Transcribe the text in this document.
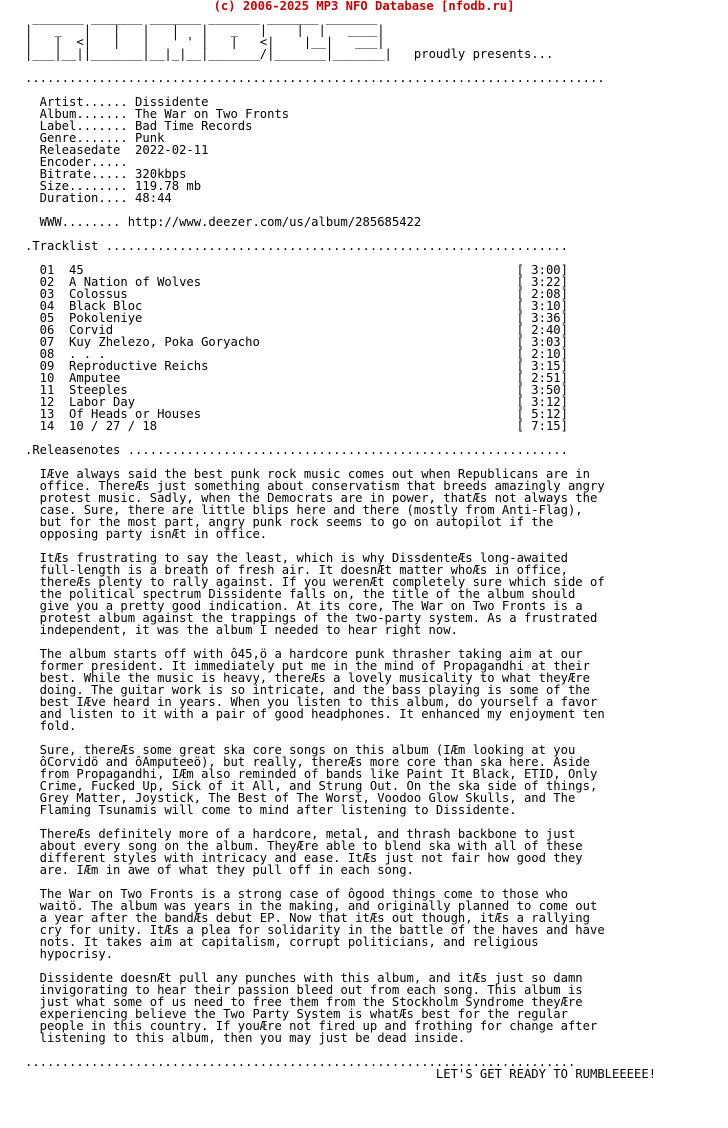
(c) 2006-2025 MP3 NFO Database [nfodb.ru]
_______ _______ _______ _______ _______ _______
|   _   |   |   |   |   |   _   |    |  |   ____|
|   |  <|   |   |   ' ' |   |   <|    |__|   ___|
|___|__||_______|__|_|__|_______/|_______|_______| proudly presents...

...............................................................................

Artist...... Dissidente
Album....... The War on Two Fronts
Label....... Bad Time Records
Genre....... Punk
Releasedate  2022-02-11
Encoder.....
Bitrate..... 320kbps
Size........ 119.78 mb
Duration.... 48:44

WWW........ http://www.deezer.com/us/album/285685422

.Tracklist ...............................................................

01  45                                                           [ 3:00]
02  A Nation of Wolves                                           [ 3:22]
03  Colossus                                                     [ 2:08]
04  Black Bloc                                                   [ 3:10]
05  Pokoleniye                                                   [ 3:36]
06  Corvid                                                       [ 2:40]
07  Kuy Zhelezo, Poka Goryacho                                   [ 3:03]
08  . . .                                                        [ 2:10]
09  Reproductive Reichs                                          [ 3:15]
10  Amputee                                                      [ 2:51]
11  Steeples                                                     [ 3:50]
12  Labor Day                                                    [ 3:12]
13  Of Heads or Houses                                           [ 5:12]
14  10 / 27 / 18                                                 [ 7:15]

.Releasenotes ............................................................

IÆve always said the best punk rock music comes out when Republicans are in
office. ThereÆs just something about conservatism that breeds amazingly angry
protest music. Sadly, when the Democrats are in power, thatÆs not always the
case. Sure, there are little blips here and there (mostly from Anti-Flag),
but for the most part, angry punk rock seems to go on autopilot if the
opposing party isnÆt in office.

ItÆs frustrating to say the least, which is why DissdenteÆs long-awaited
full-length is a breath of fresh air. It doesnÆt matter whoÆs in office,
thereÆs plenty to rally against. If you werenÆt completely sure which side of
the political spectrum Dissidente falls on, the title of the album should
give you a pretty good indication. At its core, The War on Two Fronts is a
protest album against the trappings of the two-party system. As a frustrated
independent, it was the album I needed to hear right now.

The album starts off with ô45,ö a hardcore punk thrasher taking aim at our
former president. It immediately put me in the mind of Propagandhi at their
best. While the music is heavy, thereÆs a lovely musicality to what theyÆre
doing. The guitar work is so intricate, and the bass playing is some of the
best IÆve heard in years. When you listen to this album, do yourself a favor
and listen to it with a pair of good headphones. It enhanced my enjoyment ten
fold.

Sure, thereÆs some great ska core songs on this album (IÆm looking at you
ôCorvidö and ôAmputeeö), but really, thereÆs more core than ska here. Aside
from Propagandhi, IÆm also reminded of bands like Paint It Black, ETID, Only
Crime, Fucked Up, Sick of it All, and Strung Out. On the ska side of things,
Grey Matter, Joystick, The Best of The Worst, Voodoo Glow Skulls, and The
Flaming Tsunamis will come to mind after listening to Dissidente.

ThereÆs definitely more of a hardcore, metal, and thrash backbone to just
about every song on the album. TheyÆre able to blend ska with all of these
different styles with intricacy and ease. ItÆs just not fair how good they
are. IÆm in awe of what they pull off in each song.

The War on Two Fronts is a strong case of ôgood things come to those who
waitö. The album was years in the making, and originally planned to come out
a year after the bandÆs debut EP. Now that itÆs out though, itÆs a rallying
cry for unity. ItÆs a plea for solidarity in the battle of the haves and have
nots. It takes aim at capitalism, corrupt politicians, and religious
hypocrisy.

Dissidente doesnÆt pull any punches with this album, and itÆs just so damn
invigorating to hear their passion bleed out from each song. This album is
just what some of us need to free them from the Stockholm Syndrome theyÆre
experiencing believe the Two Party System is whatÆs best for the regular
people in this country. If youÆre not fired up and frothing for change after
listening to this album, then you may just be dead inside.

...........................................................................
LET'S GET READY TO RUMBLEEEEE!
